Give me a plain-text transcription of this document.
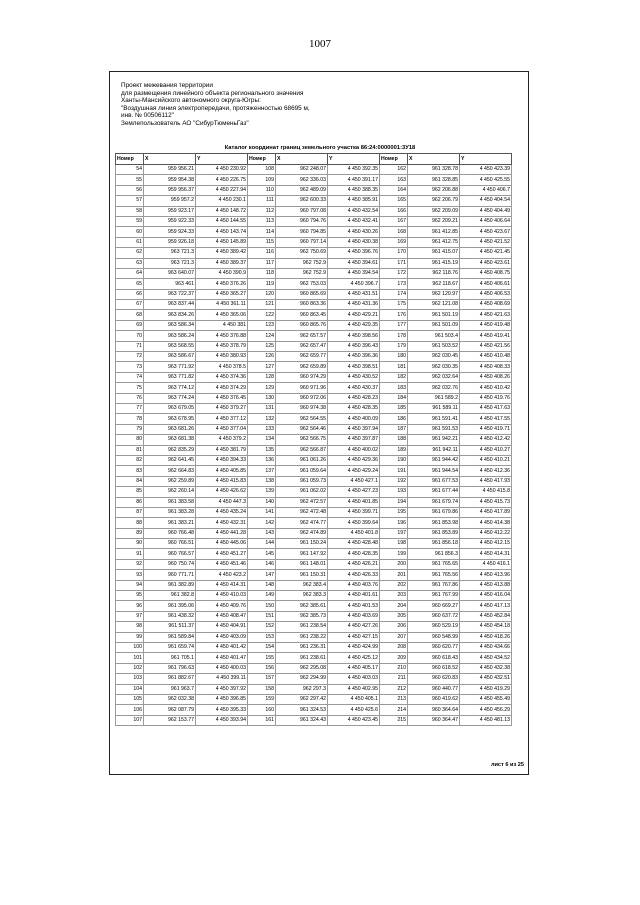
1007
Проект межевания территории
для размещения линейного объекта регионального значения
Ханты-Мансийского автономного округа-Югры:
"Воздушная линия электропередачи, протяженностью 68695 м,
инв. № 00506112"
Землепользователь АО "СибурТюменьГаз"
Каталог координат границ земельного участка 86:24:0000001:3У18
Номер	X	Y	Номер	X	Y	Номер	X	Y
54	959 956.21	4 450 230.92	108	962 248.07	4 450 392.35	162	961 328.78	4 450 423.39
55	959 954.38	4 450 226.75	109	962 336.03	4 450 391.17	163	961 328.85	4 450 425.55
56	959 956.37	4 450 227.94	110	962 489.09	4 450 388.35	164	962 206.88	4 450 406.7
57	959 957.2	4 450 230.1	111	962 600.33	4 450 385.91	165	962 206.79	4 450 404.54
58	959 923.17	4 450 148.72	112	960 797.08	4 450 432.54	166	962 209.09	4 450 404.49
59	959 922.33	4 450 144.55	113	960 794.76	4 450 432.41	167	962 209.21	4 450 406.64
60	959 924.33	4 450 143.74	114	960 794.85	4 450 430.26	168	961 412.85	4 450 423.67
61	959 926.18	4 450 145.89	115	960 797.14	4 450 430.38	169	961 412.75	4 450 421.52
62	963 721.3	4 450 389.42	116	962 750.69	4 450 396.76	170	961 415.07	4 450 421.45
63	963 721.3	4 450 389.37	117	962 752.9	4 450 394.61	171	961 415.19	4 450 423.61
64	963 640.07	4 450 390.9	118	962 752.9	4 450 394.54	172	962 118.76	4 450 408.75
65	963 461	4 450 376.26	119	962 753.03	4 450 396.7	173	962 118.67	4 450 406.61
66	963 722.37	4 450 365.27	120	960 865.69	4 450 431.51	174	962 120.97	4 450 406.53
67	963 837.44	4 450 361.11	121	960 863.36	4 450 431.36	175	962 121.08	4 450 408.69
68	963 834.26	4 450 365.06	122	960 863.45	4 450 429.21	176	961 501.19	4 450 421.63
69	963 586.34	4 450 381	123	960 865.76	4 450 429.35	177	961 501.09	4 450 419.48
70	963 586.24	4 450 376.88	124	962 657.57	4 450 398.56	178	961 503.4	4 450 419.41
71	963 568.55	4 450 378.79	125	962 657.47	4 450 396.43	179	961 503.52	4 450 421.56
72	963 586.67	4 450 380.93	126	962 659.77	4 450 396.36	180	962 030.45	4 450 410.48
73	963 771.92	4 450 378.5	127	962 659.89	4 450 398.51	181	962 030.35	4 450 408.33
74	963 771.82	4 450 374.36	128	960 974.29	4 450 430.52	182	962 032.64	4 450 408.26
75	963 774.12	4 450 374.29	129	960 971.96	4 450 430.37	183	962 032.76	4 450 410.42
76	963 774.24	4 450 376.45	130	960 972.06	4 450 428.23	184	961 589.2	4 450 419.76
77	963 679.05	4 450 379.27	131	960 974.38	4 450 428.35	185	961 589.11	4 450 417.63
78	963 678.95	4 450 377.12	132	962 564.55	4 450 400.09	186	961 591.41	4 450 417.55
79	963 681.26	4 450 377.04	133	962 564.46	4 450 397.94	187	961 591.53	4 450 419.71
80	963 681.38	4 450 379.2	134	962 566.75	4 450 397.87	188	961 942.21	4 450 412.42
81	962 835.29	4 450 381.79	135	962 566.87	4 450 400.02	189	961 942.11	4 450 410.27
82	962 641.45	4 450 394.33	136	961 061.26	4 450 429.36	190	961 944.42	4 450 410.21
83	962 664.83	4 450 405.85	137	961 059.64	4 450 429.24	191	961 944.54	4 450 412.36
84	962 259.89	4 450 415.83	138	961 059.73	4 450 427.1	192	961 677.53	4 450 417.93
85	962 260.14	4 450 426.62	139	961 062.02	4 450 427.23	193	961 677.44	4 450 415.8
86	961 383.58	4 450 447.3	140	962 472.57	4 450 401.85	194	961 679.74	4 450 415.73
87	961 383.28	4 450 435.24	141	962 472.48	4 450 399.71	195	961 679.86	4 450 417.89
88	961 383.21	4 450 432.31	142	962 474.77	4 450 399.64	196	961 853.98	4 450 414.38
89	960 766.48	4 450 441.28	143	962 474.89	4 450 401.8	197	961 853.89	4 450 412.22
90	960 766.51	4 450 445.06	144	961 150.24	4 450 428.48	198	961 856.18	4 450 412.15
91	960 766.57	4 450 451.27	145	961 147.92	4 450 428.35	199	961 856.3	4 450 414.31
92	960 750.74	4 450 451.46	146	961 148.01	4 450 426.21	200	961 765.65	4 450 416.1
93	960 771.71	4 450 423.2	147	961 150.31	4 450 426.33	201	961 765.56	4 450 413.96
94	961 382.89	4 450 414.31	148	962 383.4	4 450 403.76	202	961 767.86	4 450 413.88
95	961 382.8	4 450 410.03	149	962 383.3	4 450 401.61	203	961 767.99	4 450 416.04
96	961 395.06	4 450 409.76	150	962 385.61	4 450 401.53	204	960 669.27	4 450 417.13
97	961 438.32	4 450 408.47	151	962 385.73	4 450 403.69	205	960 637.72	4 450 452.84
98	961 511.37	4 450 404.91	152	961 238.54	4 450 427.26	206	960 529.19	4 450 454.18
99	961 589.84	4 450 403.09	153	961 238.22	4 450 427.15	207	960 548.99	4 450 418.26
100	961 659.74	4 450 401.42	154	961 236.31	4 450 424.99	208	960 620.77	4 450 434.66
101	961 705.1	4 450 401.47	155	961 238.61	4 450 425.12	209	960 618.43	4 450 434.52
102	961 796.63	4 450 400.03	156	962 295.08	4 450 405.17	210	960 618.52	4 450 432.38
103	961 882.67	4 450 399.11	157	962 294.99	4 450 403.03	211	960 620.83	4 450 432.51
104	961 963.7	4 450 397.92	158	962 297.3	4 450 402.95	212	960 440.77	4 450 419.29
105	962 032.38	4 450 396.85	159	962 297.42	4 450 405.1	213	960 419.62	4 450 455.49
106	962 087.79	4 450 395.33	160	961 324.53	4 450 425.6	214	960 364.64	4 450 456.29
107	962 153.77	4 450 393.94	161	961 324.43	4 450 423.45	215	960 364.47	4 450 481.13
лист 6 из 25
